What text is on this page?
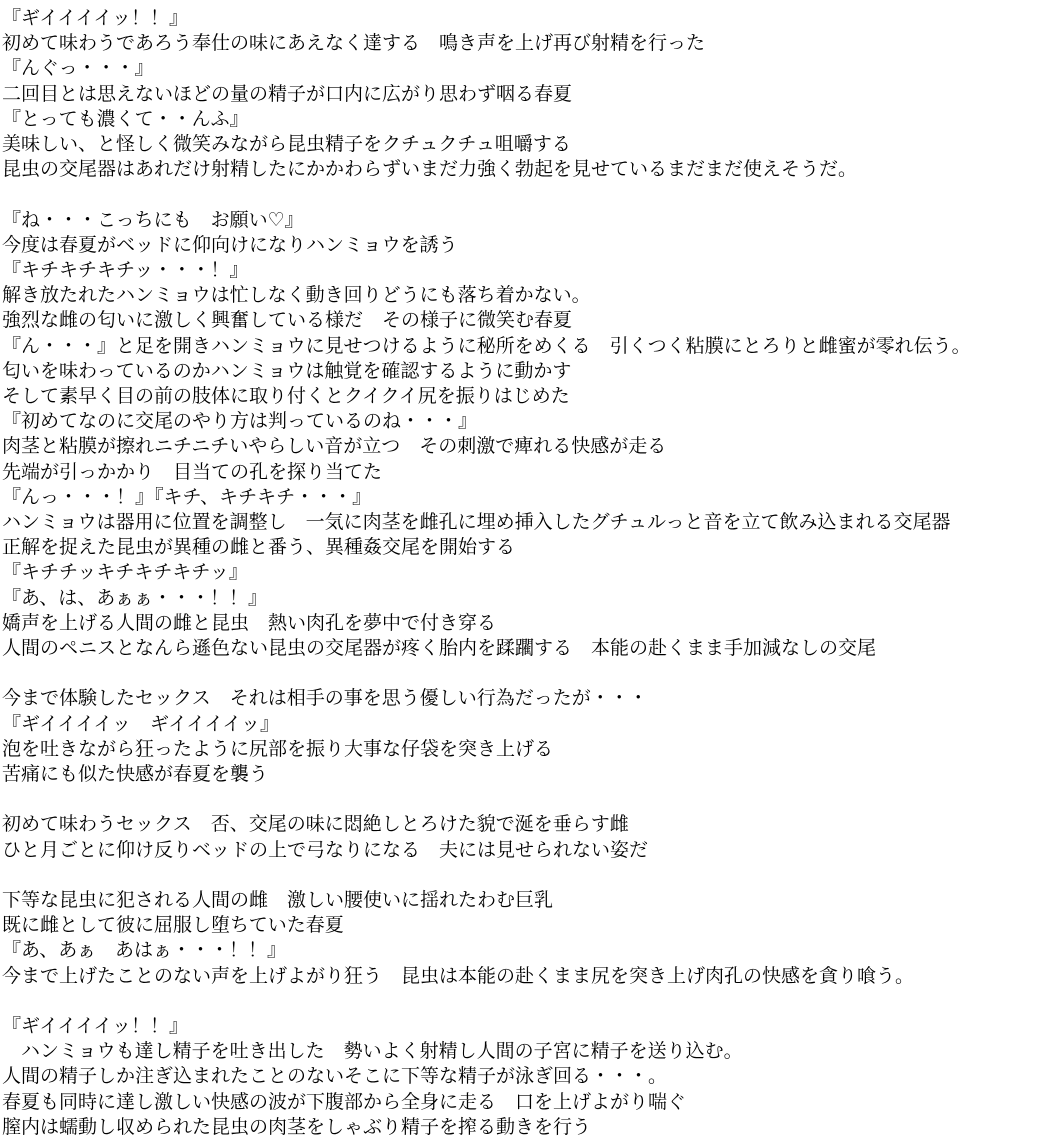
『ギイイイイッ！！』
初めて味わうであろう奉仕の味にあえなく達する　鳴き声を上げ再び射精を行った
『んぐっ・・・』
二回目とは思えないほどの量の精子が口内に広がり思わず咽る春夏
『とっても濃くて・・んふ』
美味しい、と怪しく微笑みながら昆虫精子をクチュクチュ咀嚼する
昆虫の交尾器はあれだけ射精したにかかわらずいまだ力強く勃起を見せているまだまだ使えそうだ。

『ね・・・こっちにも　お願い♡』
今度は春夏がベッドに仰向けになりハンミョウを誘う
『キチキチキチッ・・・！』
解き放たれたハンミョウは忙しなく動き回りどうにも落ち着かない。
強烈な雌の匂いに激しく興奮している様だ　その様子に微笑む春夏
『ん・・・』と足を開きハンミョウに見せつけるように秘所をめくる　引くつく粘膜にとろりと雌蜜が零れ伝う。
匂いを味わっているのかハンミョウは触覚を確認するように動かす
そして素早く目の前の肢体に取り付くとクイクイ尻を振りはじめた
『初めてなのに交尾のやり方は判っているのね・・・』
肉茎と粘膜が擦れニチニチいやらしい音が立つ　その刺激で痺れる快感が走る
先端が引っかかり　目当ての孔を探り当てた
『んっ・・・！』『キチ、キチキチ・・・』
ハンミョウは器用に位置を調整し　一気に肉茎を雌孔に埋め挿入したグチュルっと音を立て飲み込まれる交尾器
正解を捉えた昆虫が異種の雌と番う、異種姦交尾を開始する
『キチチッキチキチキチッ』
『あ、は、あぁぁ・・・！！』
嬌声を上げる人間の雌と昆虫　熱い肉孔を夢中で付き穿る
人間のペニスとなんら遜色ない昆虫の交尾器が疼く胎内を蹂躙する　本能の赴くまま手加減なしの交尾

今まで体験したセックス　それは相手の事を思う優しい行為だったが・・・
『ギイイイイッ　ギイイイイッ』
泡を吐きながら狂ったように尻部を振り大事な仔袋を突き上げる
苦痛にも似た快感が春夏を襲う

初めて味わうセックス　否、交尾の味に悶絶しとろけた貌で涎を垂らす雌
ひと月ごとに仰け反りベッドの上で弓なりになる　夫には見せられない姿だ

下等な昆虫に犯される人間の雌　激しい腰使いに揺れたわむ巨乳
既に雌として彼に屈服し堕ちていた春夏
『あ、あぁ　あはぁ・・・！！』
今まで上げたことのない声を上げよがり狂う　昆虫は本能の赴くまま尻を突き上げ肉孔の快感を貪り喰う。

『ギイイイイッ！！』
　ハンミョウも達し精子を吐き出した　勢いよく射精し人間の子宮に精子を送り込む。
人間の精子しか注ぎ込まれたことのないそこに下等な精子が泳ぎ回る・・・。
春夏も同時に達し激しい快感の波が下腹部から全身に走る　口を上げよがり喘ぐ
膣内は蠕動し収められた昆虫の肉茎をしゃぶり精子を搾る動きを行う
